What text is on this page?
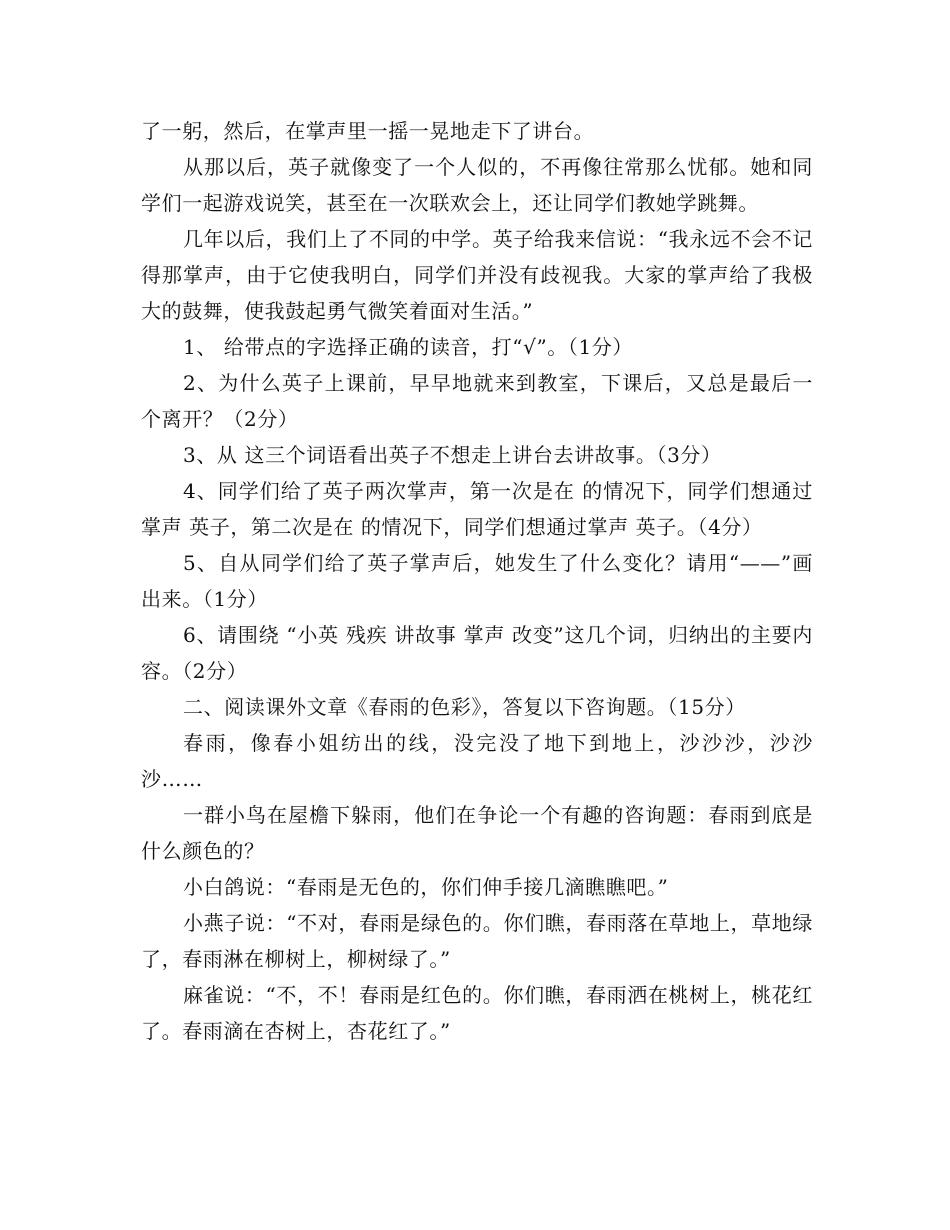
了一躬，然后，在掌声里一摇一晃地走下了讲台。

从那以后，英子就像变了一个人似的，不再像往常那么忧郁。她和同学们一起游戏说笑，甚至在一次联欢会上，还让同学们教她学跳舞。

几年以后，我们上了不同的中学。英子给我来信说：“我永远不会不记得那掌声，由于它使我明白，同学们并没有歧视我。大家的掌声给了我极大的鼓舞，使我鼓起勇气微笑着面对生活。”

1、 给带点的字选择正确的读音，打“√”。（1分）

2、为什么英子上课前，早早地就来到教室，下课后，又总是最后一个离开？（2分）

3、从 这三个词语看出英子不想走上讲台去讲故事。（3分）

4、同学们给了英子两次掌声，第一次是在 的情况下，同学们想通过掌声 英子，第二次是在 的情况下，同学们想通过掌声 英子。（4分）

5、自从同学们给了英子掌声后，她发生了什么变化？请用“——”画出来。（1分）

6、请围绕 “小英 残疾 讲故事 掌声 改变”这几个词，归纳出的主要内容。（2分）

二、阅读课外文章《春雨的色彩》，答复以下咨询题。（15分）

春雨，像春小姐纺出的线，没完没了地下到地上，沙沙沙，沙沙沙……

一群小鸟在屋檐下躲雨，他们在争论一个有趣的咨询题：春雨到底是什么颜色的？

小白鸽说：“春雨是无色的，你们伸手接几滴瞧瞧吧。”

小燕子说：“不对，春雨是绿色的。你们瞧，春雨落在草地上，草地绿了，春雨淋在柳树上，柳树绿了。”

麻雀说：“不，不！春雨是红色的。你们瞧，春雨洒在桃树上，桃花红了。春雨滴在杏树上，杏花红了。”
